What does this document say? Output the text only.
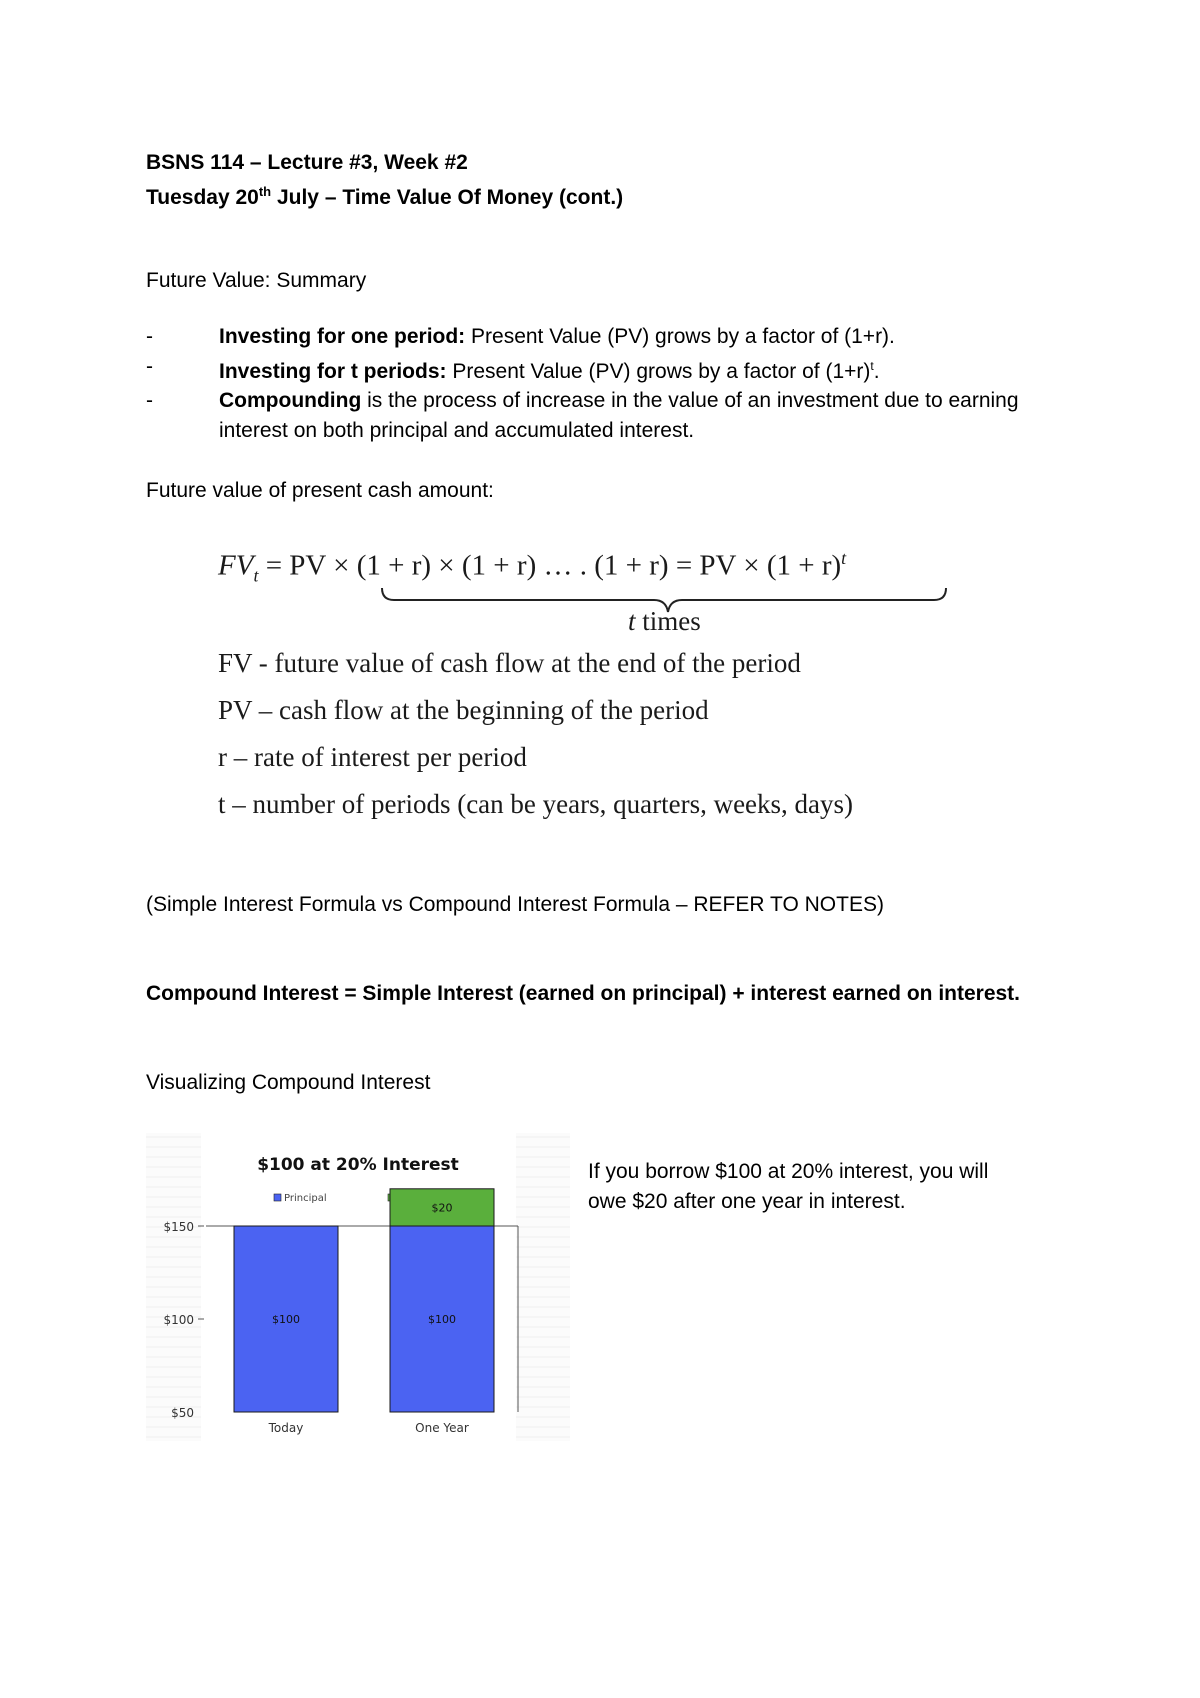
BSNS 114 – Lecture #3, Week #2
Tuesday 20th July – Time Value Of Money (cont.)
Future Value: Summary
-	Investing for one period: Present Value (PV) grows by a factor of (1+r).
-	Investing for t periods: Present Value (PV) grows by a factor of $(1+r)^t$.
-	Compounding is the process of increase in the value of an investment due to earning
interest on both principal and accumulated interest.
Future value of present cash amount:
$FV_t$ = PV × (1 + r) × (1 + r) … . (1 + r) = PV × $(1 + r)^t$
t times
FV - future value of cash flow at the end of the period
PV – cash flow at the beginning of the period
r – rate of interest per period
t – number of periods (can be years, quarters, weeks, days)
(Simple Interest Formula vs Compound Interest Formula – REFER TO NOTES)
Compound Interest = Simple Interest (earned on principal) + interest earned on interest.
Visualizing Compound Interest
$100 at 20% Interest
Principal
$150
$100
$50
$100
Today
$100
$20
One Year
If you borrow $100 at 20% interest, you will
owe $20 after one year in interest.
